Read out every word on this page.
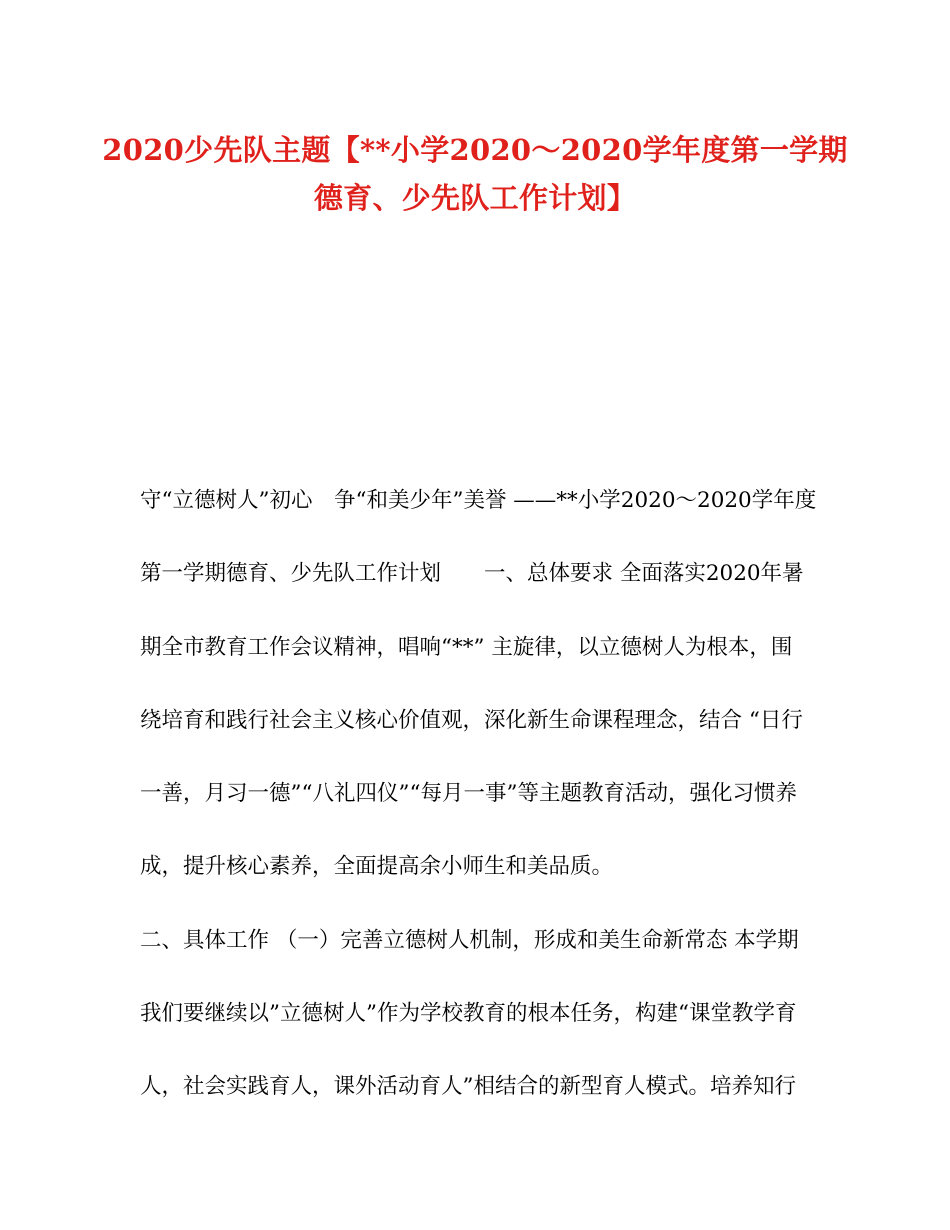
2020少先队主题【**小学2020～2020学年度第一学期
德育、少先队工作计划】
守“立德树人”初心　争“和美少年”美誉 ——**小学2020～2020学年度
第一学期德育、少先队工作计划　　一、总体要求 全面落实2020年暑
期全市教育工作会议精神，唱响“**” 主旋律，以立德树人为根本，围
绕培育和践行社会主义核心价值观，深化新生命课程理念，结合 “日行
一善，月习一德”“八礼四仪”“每月一事”等主题教育活动，强化习惯养
成，提升核心素养，全面提高余小师生和美品质。
二、具体工作 （一）完善立德树人机制，形成和美生命新常态 本学期
我们要继续以”立德树人”作为学校教育的根本任务，构建“课堂教学育
人，社会实践育人，课外活动育人”相结合的新型育人模式。培养知行
